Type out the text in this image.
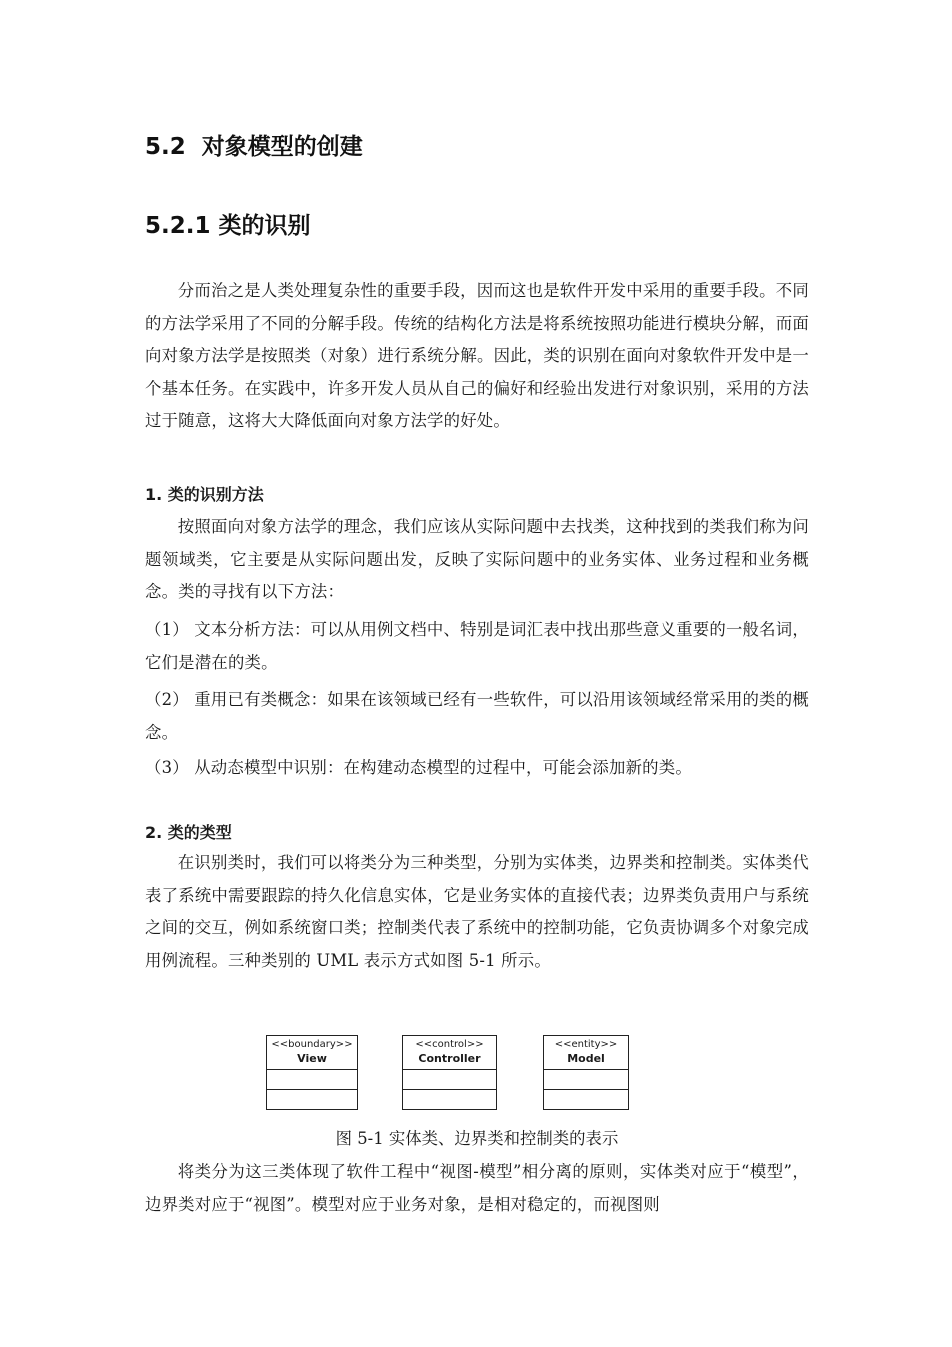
5.2 对象模型的创建
5.2.1 类的识别

分而治之是人类处理复杂性的重要手段，因而这也是软件开发中采用的重要手段。不同的方法学采用了不同的分解手段。传统的结构化方法是将系统按照功能进行模块分解，而面向对象方法学是按照类（对象）进行系统分解。因此，类的识别在面向对象软件开发中是一个基本任务。在实践中，许多开发人员从自己的偏好和经验出发进行对象识别，采用的方法过于随意，这将大大降低面向对象方法学的好处。

1. 类的识别方法

按照面向对象方法学的理念，我们应该从实际问题中去找类，这种找到的类我们称为问题领域类，它主要是从实际问题出发，反映了实际问题中的业务实体、业务过程和业务概念。类的寻找有以下方法：

（1） 文本分析方法：可以从用例文档中、特别是词汇表中找出那些意义重要的一般名词，它们是潜在的类。

（2） 重用已有类概念：如果在该领域已经有一些软件，可以沿用该领域经常采用的类的概念。

（3） 从动态模型中识别：在构建动态模型的过程中，可能会添加新的类。

2. 类的类型

在识别类时，我们可以将类分为三种类型，分别为实体类，边界类和控制类。实体类代表了系统中需要跟踪的持久化信息实体，它是业务实体的直接代表；边界类负责用户与系统之间的交互，例如系统窗口类；控制类代表了系统中的控制功能，它负责协调多个对象完成用例流程。三种类别的 UML 表示方式如图 5-1 所示。

<<boundary>>
View
<<control>>
Controller
<<entity>>
Model
图 5-1 实体类、边界类和控制类的表示

将类分为这三类体现了软件工程中“视图-模型”相分离的原则，实体类对应于“模型”，边界类对应于“视图”。模型对应于业务对象，是相对稳定的，而视图则
